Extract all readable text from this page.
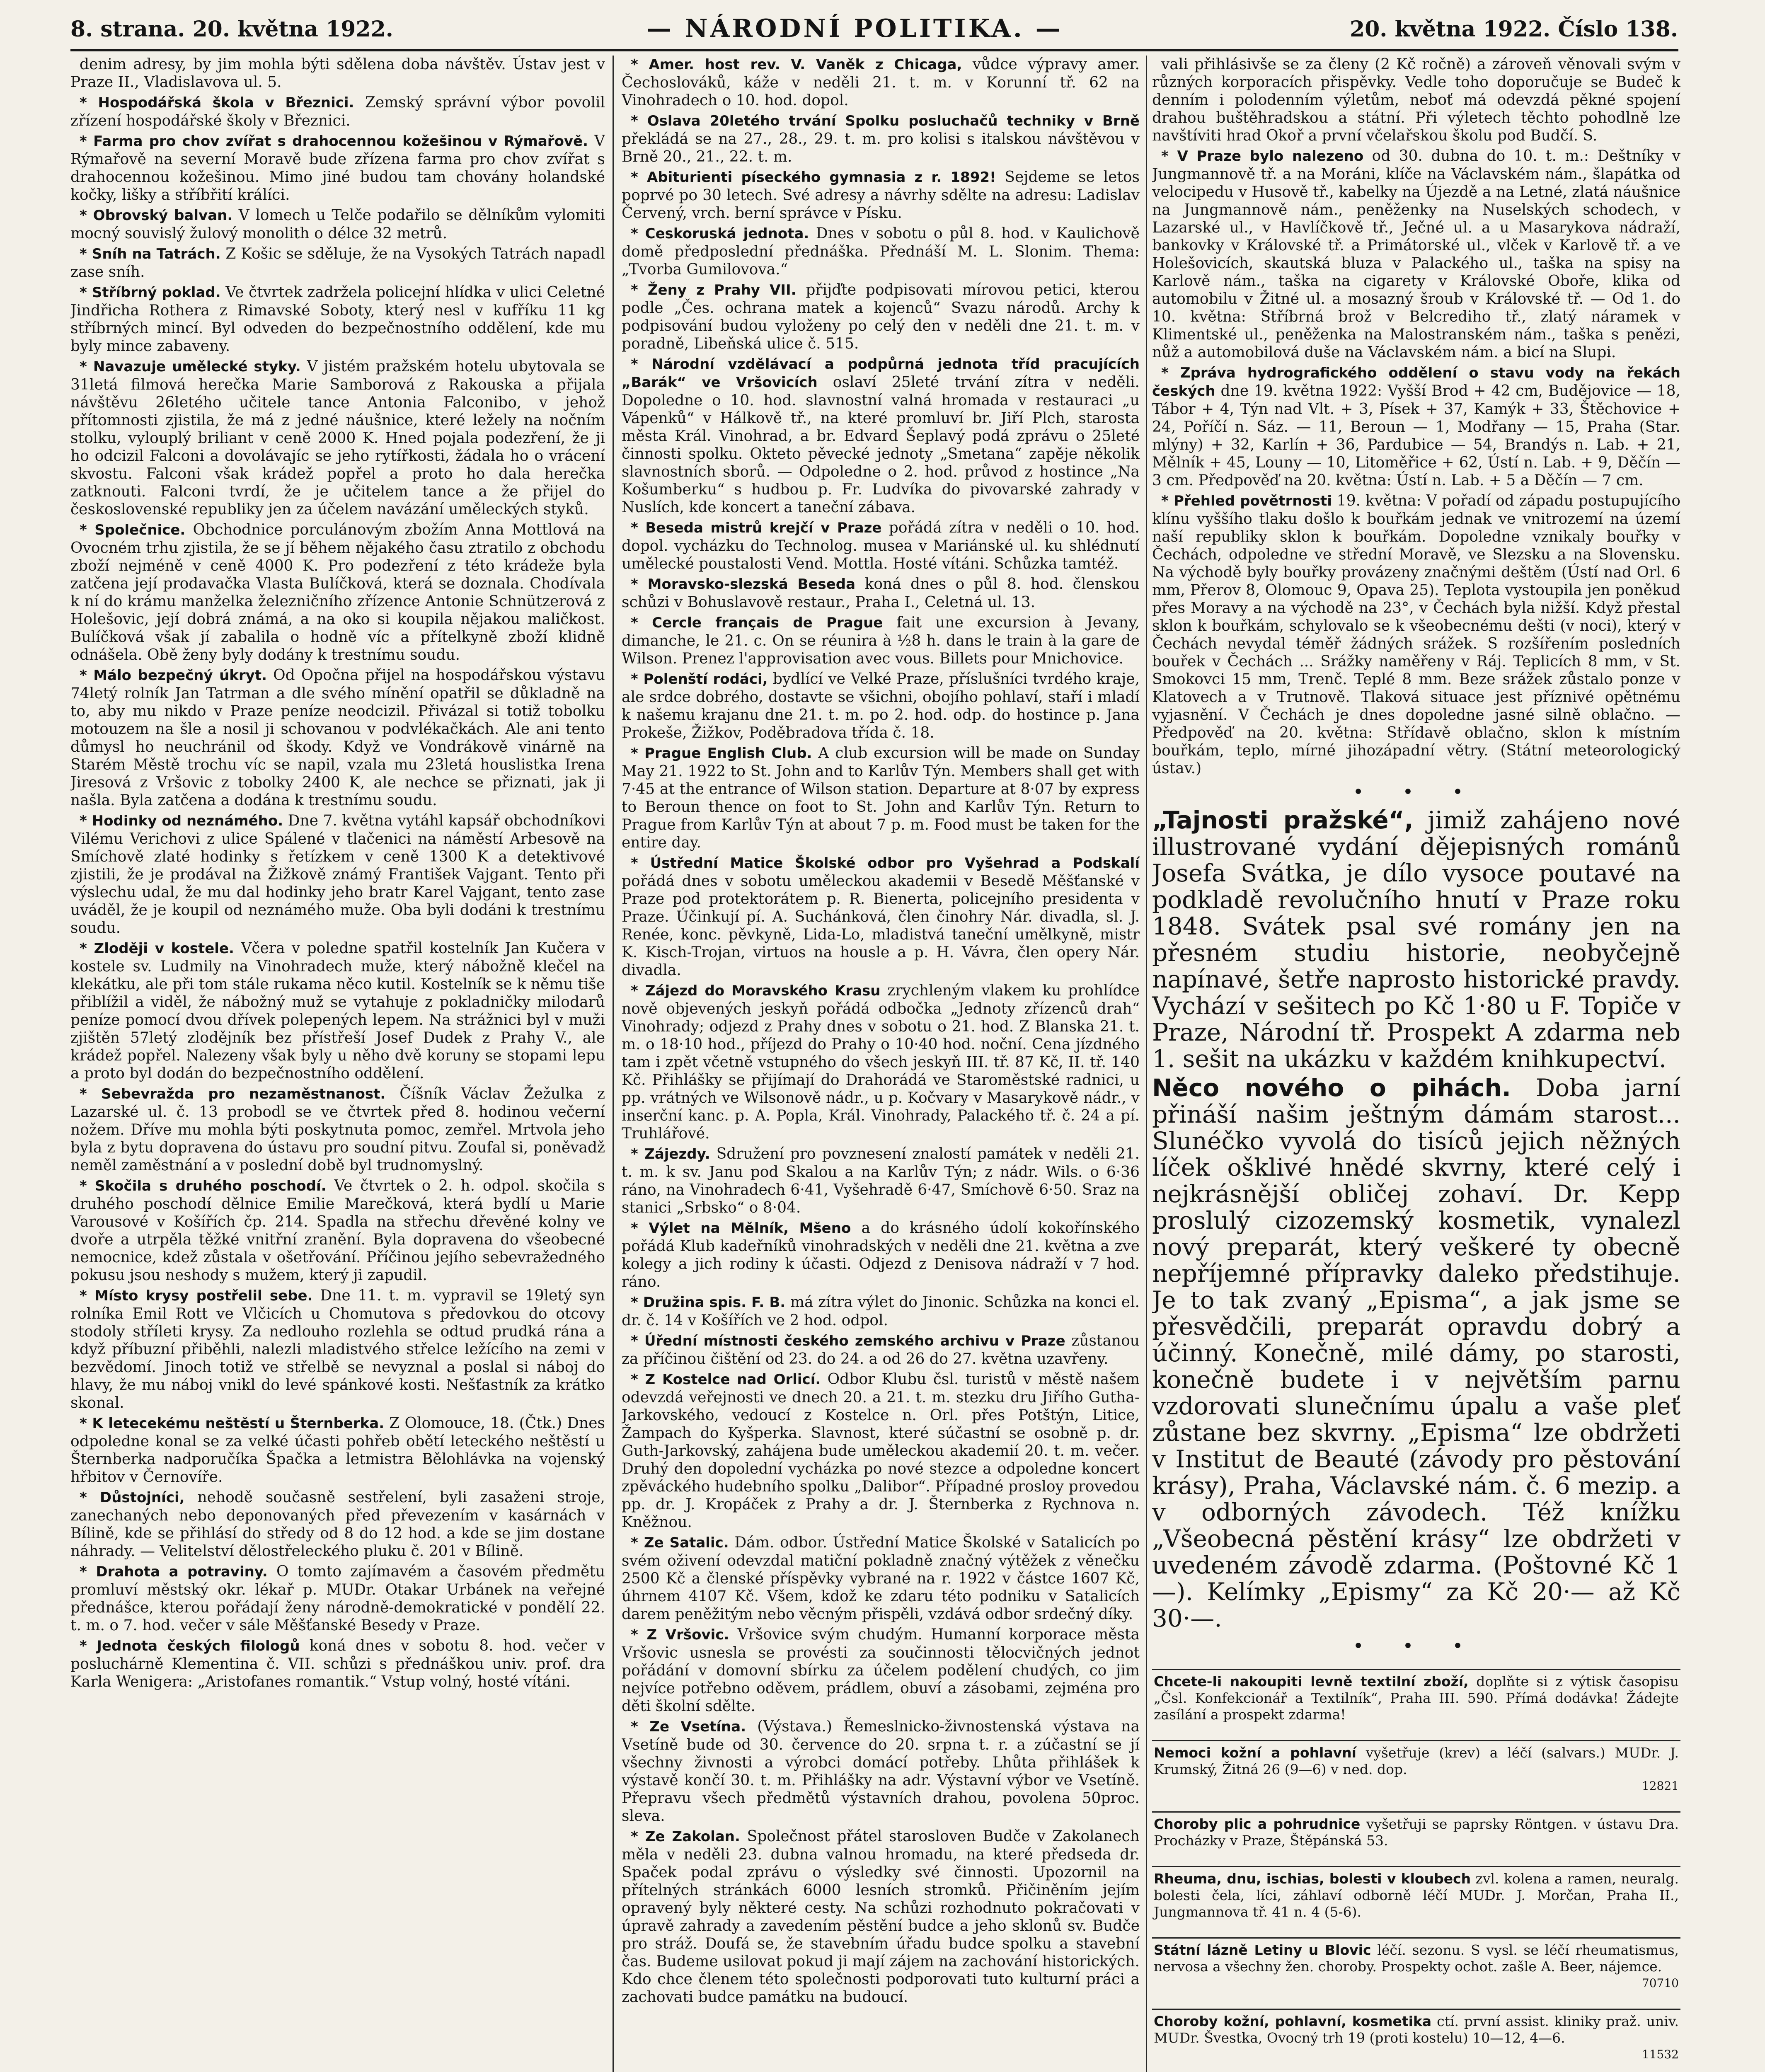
8. strana. 20. května 1922.	— NÁRODNÍ POLITIKA. —	20. května 1922. Číslo 138.

denim adresy, by jim mohla býti sdělena doba návštěv. Ústav jest v Praze II., Vladislavova ul. 5.

* Hospodářská škola v Březnici. Zemský správní výbor povolil zřízení hospodářské školy v Březnici.

* Farma pro chov zvířat s drahocennou kožešinou v Rýmařově. V Rýmařově na severní Moravě bude zřízena farma pro chov zvířat s drahocennou kožešinou. Mimo jiné budou tam chovány holandské kočky, lišky a stříbřití králíci.

* Obrovský balvan. V lomech u Telče podařilo se dělníkům vylomiti mocný souvislý žulový monolith o délce 32 metrů.

* Sníh na Tatrách. Z Košic se sděluje, že na Vysokých Tatrách napadl zase sníh.

* Stříbrný poklad. Ve čtvrtek zadržela policejní hlídka v ulici Celetné Jindřicha Rothera z Rimavské Soboty, který nesl v kufříku 11 kg stříbrných mincí. Byl odveden do bezpečnostního oddělení, kde mu byly mince zabaveny.

* Navazuje umělecké styky. V jistém pražském hotelu ubytovala se 31letá filmová herečka Marie Samborová z Rakouska a přijala návštěvu 26letého učitele tance Antonia Falconibo, v jehož přítomnosti zjistila, že má z jedné náušnice, které ležely na nočním stolku, vylouplý briliant v ceně 2000 K. Hned pojala podezření, že ji ho odcizil Falconi a dovolávajíc se jeho rytířkosti, žádala ho o vrácení skvostu. Falconi však krádež popřel a proto ho dala herečka zatknouti. Falconi tvrdí, že je učitelem tance a že přijel do československé republiky jen za účelem navázání uměleckých styků.

* Společnice. Obchodnice porculánovým zbožím Anna Mottlová na Ovocném trhu zjistila, že se jí během nějakého času ztratilo z obchodu zboží nejméně v ceně 4000 K. Pro podezření z této krádeže byla zatčena její prodavačka Vlasta Bulíčková, která se doznala. Chodívala k ní do krámu manželka železničního zřízence Antonie Schnützerová z Holešovic, její dobrá známá, a na oko si koupila nějakou maličkost. Bulíčková však jí zabalila o hodně víc a přítelkyně zboží klidně odnášela. Obě ženy byly dodány k trestnímu soudu.

* Málo bezpečný úkryt. Od Opočna přijel na hospodářskou výstavu 74letý rolník Jan Tatrman a dle svého mínění opatřil se důkladně na to, aby mu nikdo v Praze peníze neodcizil. Přivázal si totiž tobolku motouzem na šle a nosil ji schovanou v podvlékačkách. Ale ani tento důmysl ho neuchránil od škody. Když ve Vondrákově vinárně na Starém Městě trochu víc se napil, vzala mu 23letá houslistka Irena Jiresová z Vršovic z tobolky 2400 K, ale nechce se přiznati, jak ji našla. Byla zatčena a dodána k trestnímu soudu.

* Hodinky od neznámého. Dne 7. května vytáhl kapsář obchodníkovi Vilému Verichovi z ulice Spálené v tlačenici na náměstí Arbesově na Smíchově zlaté hodinky s řetízkem v ceně 1300 K a detektivové zjistili, že je prodával na Žižkově známý František Vajgant. Tento při výslechu udal, že mu dal hodinky jeho bratr Karel Vajgant, tento zase uváděl, že je koupil od neznámého muže. Oba byli dodáni k trestnímu soudu.

* Zloději v kostele. Včera v poledne spatřil kostelník Jan Kučera v kostele sv. Ludmily na Vinohradech muže, který nábožně klečel na klekátku, ale při tom stále rukama něco kutil. Kostelník se k němu tiše přiblížil a viděl, že nábožný muž se vytahuje z pokladničky milodarů peníze pomocí dvou dřívek polepených lepem. Na strážnici byl v muži zjištěn 57letý zlodějník bez přístřeší Josef Dudek z Prahy V., ale krádež popřel. Nalezeny však byly u něho dvě koruny se stopami lepu a proto byl dodán do bezpečnostního oddělení.

* Sebevražda pro nezaměstnanost. Číšník Václav Žežulka z Lazarské ul. č. 13 probodl se ve čtvrtek před 8. hodinou večerní nožem. Dříve mu mohla býti poskytnuta pomoc, zemřel. Mrtvola jeho byla z bytu dopravena do ústavu pro soudní pitvu. Zoufal si, poněvadž neměl zaměstnání a v poslední době byl trudnomyslný.

* Skočila s druhého poschodí. Ve čtvrtek o 2. h. odpol. skočila s druhého poschodí dělnice Emilie Marečková, která bydlí u Marie Varousové v Košířích čp. 214. Spadla na střechu dřevěné kolny ve dvoře a utrpěla těžké vnitřní zranění. Byla dopravena do všeobecné nemocnice, kdež zůstala v ošetřování. Příčinou jejího sebevražedného pokusu jsou neshody s mužem, který ji zapudil.

* Místo krysy postřelil sebe. Dne 11. t. m. vypravil se 19letý syn rolníka Emil Rott ve Vlčicích u Chomutova s předovkou do otcovy stodoly stříleti krysy. Za nedlouho rozlehla se odtud prudká rána a když příbuzní přiběhli, nalezli mladistvého střelce ležícího na zemi v bezvědomí. Jinoch totiž ve střelbě se nevyznal a poslal si náboj do hlavy, že mu náboj vnikl do levé spánkové kosti. Nešťastník za krátko skonal.

* K letecekému neštěstí u Šternberka. Z Olomouce, 18. (Čtk.) Dnes odpoledne konal se za velké účasti pohřeb obětí leteckého neštěstí u Šternberka nadporučíka Špačka a letmistra Bělohlávka na vojenský hřbitov v Černovíře.

* Důstojníci, nehodě současně sestřelení, byli zasaženi stroje, zanechaných nebo deponovaných před převezením v kasárnách v Bílině, kde se přihlásí do středy od 8 do 12 hod. a kde se jim dostane náhrady. — Velitelství dělostřeleckého pluku č. 201 v Bílině.

* Drahota a potraviny. O tomto zajímavém a časovém předmětu promluví městský okr. lékař p. MUDr. Otakar Urbánek na veřejné přednášce, kterou pořádají ženy národně-demokratické v pondělí 22. t. m. o 7. hod. večer v sále Měšťanské Besedy v Praze.

* Jednota českých filologů koná dnes v sobotu 8. hod. večer v posluchárně Klementina č. VII. schůzi s přednáškou univ. prof. dra Karla Wenigera: „Aristofanes romantik.“ Vstup volný, hosté vítáni.

* Amer. host rev. V. Vaněk z Chicaga, vůdce výpravy amer. Čechoslováků, káže v neděli 21. t. m. v Korunní tř. 62 na Vinohradech o 10. hod. dopol.

* Oslava 20letého trvání Spolku posluchačů techniky v Brně překládá se na 27., 28., 29. t. m. pro kolisi s italskou návštěvou v Brně 20., 21., 22. t. m.

* Abiturienti píseckého gymnasia z r. 1892! Sejdeme se letos poprvé po 30 letech. Své adresy a návrhy sdělte na adresu: Ladislav Červený, vrch. berní správce v Písku.

* Ceskoruská jednota. Dnes v sobotu o půl 8. hod. v Kaulichově domě předposlední přednáška. Přednáší M. L. Slonim. Thema: „Tvorba Gumilovova.“

* Ženy z Prahy VII. přijďte podpisovati mírovou petici, kterou podle „Čes. ochrana matek a kojenců“ Svazu národů. Archy k podpisování budou vyloženy po celý den v neděli dne 21. t. m. v poradně, Libeňská ulice č. 515.

* Národní vzdělávací a podpůrná jednota tříd pracujících „Barák“ ve Vršovicích oslaví 25leté trvání zítra v neděli. Dopoledne o 10. hod. slavnostní valná hromada v restauraci „u Vápenků“ v Hálkově tř., na které promluví br. Jiří Plch, starosta města Král. Vinohrad, a br. Edvard Šeplavý podá zprávu o 25leté činnosti spolku. Okteto pěvecké jednoty „Smetana“ zapěje několik slavnostních sborů. — Odpoledne o 2. hod. průvod z hostince „Na Košumberku“ s hudbou p. Fr. Ludvíka do pivovarské zahrady v Nuslích, kde koncert a taneční zábava.

* Beseda mistrů krejčí v Praze pořádá zítra v neděli o 10. hod. dopol. vycházku do Technolog. musea v Mariánské ul. ku shlédnutí umělecké poustalosti Vend. Mottla. Hosté vítáni. Schůzka tamtéž.

* Moravsko-slezská Beseda koná dnes o půl 8. hod. členskou schůzi v Bohuslavově restaur., Praha I., Celetná ul. 13.

* Cercle français de Prague fait une excursion à Jevany, dimanche, le 21. c. On se réunira à ½8 h. dans le train à la gare de Wilson. Prenez l'approvisation avec vous. Billets pour Mnichovice.

* Polenští rodáci, bydlící ve Velké Praze, příslušníci tvrdého kraje, ale srdce dobrého, dostavte se všichni, obojího pohlaví, staří i mladí k našemu krajanu dne 21. t. m. po 2. hod. odp. do hostince p. Jana Prokeše, Žižkov, Poděbradova třída č. 18.

* Prague English Club. A club excursion will be made on Sunday May 21. 1922 to St. John and to Karlův Týn. Members shall get with 7·45 at the entrance of Wilson station. Departure at 8·07 by express to Beroun thence on foot to St. John and Karlův Týn. Return to Prague from Karlův Týn at about 7 p. m. Food must be taken for the entire day.

* Ústřední Matice Školské odbor pro Vyšehrad a Podskalí pořádá dnes v sobotu uměleckou akademii v Besedě Měšťanské v Praze pod protektorátem p. R. Bienerta, policejního presidenta v Praze. Účinkují pí. A. Suchánková, člen činohry Nár. divadla, sl. J. Renée, konc. pěvkyně, Lida-Lo, mladistvá taneční umělkyně, mistr K. Kisch-Trojan, virtuos na housle a p. H. Vávra, člen opery Nár. divadla.

* Zájezd do Moravského Krasu zrychleným vlakem ku prohlídce nově objevených jeskyň pořádá odbočka „Jednoty zřízenců drah“ Vinohrady; odjezd z Prahy dnes v sobotu o 21. hod. Z Blanska 21. t. m. o 18·10 hod., příjezd do Prahy o 10·40 hod. noční. Cena jízdného tam i zpět včetně vstupného do všech jeskyň III. tř. 87 Kč, II. tř. 140 Kč. Přihlášky se přijímají do Drahorádá ve Staroměstské radnici, u pp. vrátných ve Wilsonově nádr., u p. Kočvary v Masarykově nádr., v inserční kanc. p. A. Popla, Král. Vinohrady, Palackého tř. č. 24 a pí. Truhlářové.

* Zájezdy. Sdružení pro povznesení znalostí památek v neděli 21. t. m. k sv. Janu pod Skalou a na Karlův Týn; z nádr. Wils. o 6·36 ráno, na Vinohradech 6·41, Vyšehradě 6·47, Smíchově 6·50. Sraz na stanici „Srbsko“ o 8·04.

* Výlet na Mělník, Mšeno a do krásného údolí kokořínského pořádá Klub kadeřníků vinohradských v neděli dne 21. května a zve kolegy a jich rodiny k účasti. Odjezd z Denisova nádraží v 7 hod. ráno.

* Družina spis. F. B. má zítra výlet do Jinonic. Schůzka na konci el. dr. č. 14 v Košířích ve 2 hod. odpol.

* Úřední místnosti českého zemského archivu v Praze zůstanou za příčinou čištění od 23. do 24. a od 26 do 27. května uzavřeny.

* Z Kostelce nad Orlicí. Odbor Klubu čsl. turistů v městě našem odevzdá veřejnosti ve dnech 20. a 21. t. m. stezku dru Jiřího Gutha-Jarkovského, vedoucí z Kostelce n. Orl. přes Potštýn, Litice, Žampach do Kyšperka. Slavnost, které súčastní se osobně p. dr. Guth-Jarkovský, zahájena bude uměleckou akademií 20. t. m. večer. Druhý den dopolední vycházka po nové stezce a odpoledne koncert zpěváckého hudebního spolku „Dalibor“. Případné prosloy provedou pp. dr. J. Kropáček z Prahy a dr. J. Šternberka z Rychnova n. Kněžnou.

* Ze Satalic. Dám. odbor. Ústřední Matice Školské v Satalicích po svém oživení odevzdal matiční pokladně značný výtěžek z věnečku 2500 Kč a členské příspěvky vybrané na r. 1922 v částce 1607 Kč, úhrnem 4107 Kč. Všem, kdož ke zdaru této podniku v Satalicích darem peněžitým nebo věcným přispěli, vzdává odbor srdečný díky.

* Z Vršovic. Vršovice svým chudým. Humanní korporace města Vršovic usnesla se provésti za součinnosti tělocvičných jednot pořádání v domovní sbírku za účelem podělení chudých, co jim nejvíce potřebno oděvem, prádlem, obuví a zásobami, zejména pro děti školní sdělte.

* Ze Vsetína. (Výstava.) Řemeslnicko-živnostenská výstava na Vsetíně bude od 30. července do 20. srpna t. r. a zúčastní se jí všechny živnosti a výrobci domácí potřeby. Lhůta přihlášek k výstavě končí 30. t. m. Přihlášky na adr. Výstavní výbor ve Vsetíně. Přepravu všech předmětů výstavních drahou, povolena 50proc. sleva.

* Ze Zakolan. Společnost přátel starosloven Budče v Zakolanech měla v neděli 23. dubna valnou hromadu, na které předseda dr. Spaček podal zprávu o výsledky své činnosti. Upozornil na přítelných stránkách 6000 lesních stromků. Přičiněním jejím opravený byly některé cesty. Na schůzi rozhodnuto pokračovati v úpravě zahrady a zavedením pěstění budce a jeho sklonů sv. Budče pro stráž. Doufá se, že stavebním úřadu budce spolku a stavební čas. Budeme usilovat pokud ji mají zájem na zachování historických. Kdo chce členem této společnosti podporovati tuto kulturní práci a zachovati budce památku na budoucí.

vali přihlásivše se za členy (2 Kč ročně) a zároveň věnovali svým v různých korporacích přispěvky. Vedle toho doporučuje se Budeč k denním i polodenním výletům, neboť má odevzdá pěkné spojení drahou buštěhradskou a státní. Při výletech těchto pohodlně lze navštíviti hrad Okoř a první včelařskou školu pod Budčí. S.

* V Praze bylo nalezeno od 30. dubna do 10. t. m.: Deštníky v Jungmannově tř. a na Moráni, klíče na Václavském nám., šlapátka od velocipedu v Husově tř., kabelky na Újezdě a na Letné, zlatá náušnice na Jungmannově nám., peněženky na Nuselských schodech, v Lazarské ul., v Havlíčkově tř., Ječné ul. a u Masarykova nádraží, bankovky v Královské tř. a Primátorské ul., vlček v Karlově tř. a ve Holešovicích, skautská bluza v Palackého ul., taška na spisy na Karlově nám., taška na cigarety v Královské Oboře, klika od automobilu v Žitné ul. a mosazný šroub v Královské tř. — Od 1. do 10. května: Stříbrná brož v Belcrediho tř., zlatý náramek v Klimentské ul., peněženka na Malostranském nám., taška s penězi, nůž a automobilová duše na Václavském nám. a bicí na Slupi.

* Zpráva hydrografického oddělení o stavu vody na řekách českých dne 19. května 1922: Vyšší Brod + 42 cm, Budějovice — 18, Tábor + 4, Týn nad Vlt. + 3, Písek + 37, Kamýk + 33, Štěchovice + 24, Poříčí n. Sáz. — 11, Beroun — 1, Modřany — 15, Praha (Star. mlýny) + 32, Karlín + 36, Pardubice — 54, Brandýs n. Lab. + 21, Mělník + 45, Louny — 10, Litoměřice + 62, Ústí n. Lab. + 9, Děčín — 3 cm. Předpověď na 20. května: Ústí n. Lab. + 5 a Děčín — 7 cm.

* Přehled povětrnosti 19. května: V pořadí od západu postupujícího klínu vyššího tlaku došlo k bouřkám jednak ve vnitrozemí na území naší republiky sklon k bouřkám. Dopoledne vznikaly bouřky v Čechách, odpoledne ve střední Moravě, ve Slezsku a na Slovensku. Na východě byly bouřky provázeny značnými deštěm (Ústí nad Orl. 6 mm, Přerov 8, Olomouc 9, Opava 25). Teplota vystoupila jen poněkud přes Moravy a na východě na 23°, v Čechách byla nižší. Když přestal sklon k bouřkám, schylovalo se k všeobecnému dešti (v noci), který v Čechách nevydal téměř žádných srážek. S rozšířením posledních bouřek v Čechách ... Srážky naměřeny v Ráj. Teplicích 8 mm, v St. Smokovci 15 mm, Trenč. Teplé 8 mm. Beze srážek zůstalo ponze v Klatovech a v Trutnově. Tlaková situace jest příznivé opětnému vyjasnění. V Čechách je dnes dopoledne jasné silně oblačno. — Předpověď na 20. května: Střídavě oblačno, sklon k místním bouřkám, teplo, mírné jihozápadní větry. (Státní meteorologický ústav.)

• • •

„Tajnosti pražské“, jimiž zahájeno nové illustrované vydání dějepisných románů Josefa Svátka, je dílo vysoce poutavé na podkladě revolučního hnutí v Praze roku 1848. Svátek psal své romány jen na přesném studiu historie, neobyčejně napínavé, šetře naprosto historické pravdy. Vychází v sešitech po Kč 1·80 u F. Topiče v Praze, Národní tř. Prospekt A zdarma neb 1. sešit na ukázku v každém knihkupectví.

Něco nového o pihách. Doba jarní přináší našim ještným dámám starost... Slunéčko vyvolá do tisíců jejich něžných líček ošklivé hnědé skvrny, které celý i nejkrásnější obličej zohaví. Dr. Kepp proslulý cizozemský kosmetik, vynalezl nový preparát, který veškeré ty obecně nepříjemné přípravky daleko předstihuje. Je to tak zvaný „Episma“, a jak jsme se přesvědčili, preparát opravdu dobrý a účinný. Konečně, milé dámy, po starosti, konečně budete i v největším parnu vzdorovati slunečnímu úpalu a vaše pleť zůstane bez skvrny. „Episma“ lze obdržeti v Institut de Beauté (závody pro pěstování krásy), Praha, Václavské nám. č. 6 mezip. a v odborných závodech. Též knížku „Všeobecná pěstění krásy“ lze obdržeti v uvedeném závodě zdarma. (Poštovné Kč 1—). Kelímky „Epismy“ za Kč 20·— až Kč 30·—.

• • •

Chcete-li nakoupiti levně textilní zboží, doplňte si z výtisk časopisu „Čsl. Konfekcionář a Textilník“, Praha III. 590. Přímá dodávka! Žádejte zasílání a prospekt zdarma!

Nemoci kožní a pohlavní vyšetřuje (krev) a léčí (salvars.) MUDr. J. Krumský, Žitná 26 (9—6) v ned. dop.
12821

Choroby plic a pohrudnice vyšetřuji se paprsky Röntgen. v ústavu Dra. Procházky v Praze, Štěpánská 53.

Rheuma, dnu, ischias, bolesti v kloubech zvl. kolena a ramen, neuralg. bolesti čela, líci, záhlaví odborně léčí MUDr. J. Morčan, Praha II., Jungmannova tř. 41 n. 4 (5-6).

Státní lázně Letiny u Blovic léčí. sezonu. S vysl. se léčí rheumatismus, nervosa a všechny žen. choroby. Prospekty ochot. zašle A. Beer, nájemce.
70710

Choroby kožní, pohlavní, kosmetika ctí. první assist. kliniky praž. univ. MUDr. Švestka, Ovocný trh 19 (proti kostelu) 10—12, 4—6.
11532
